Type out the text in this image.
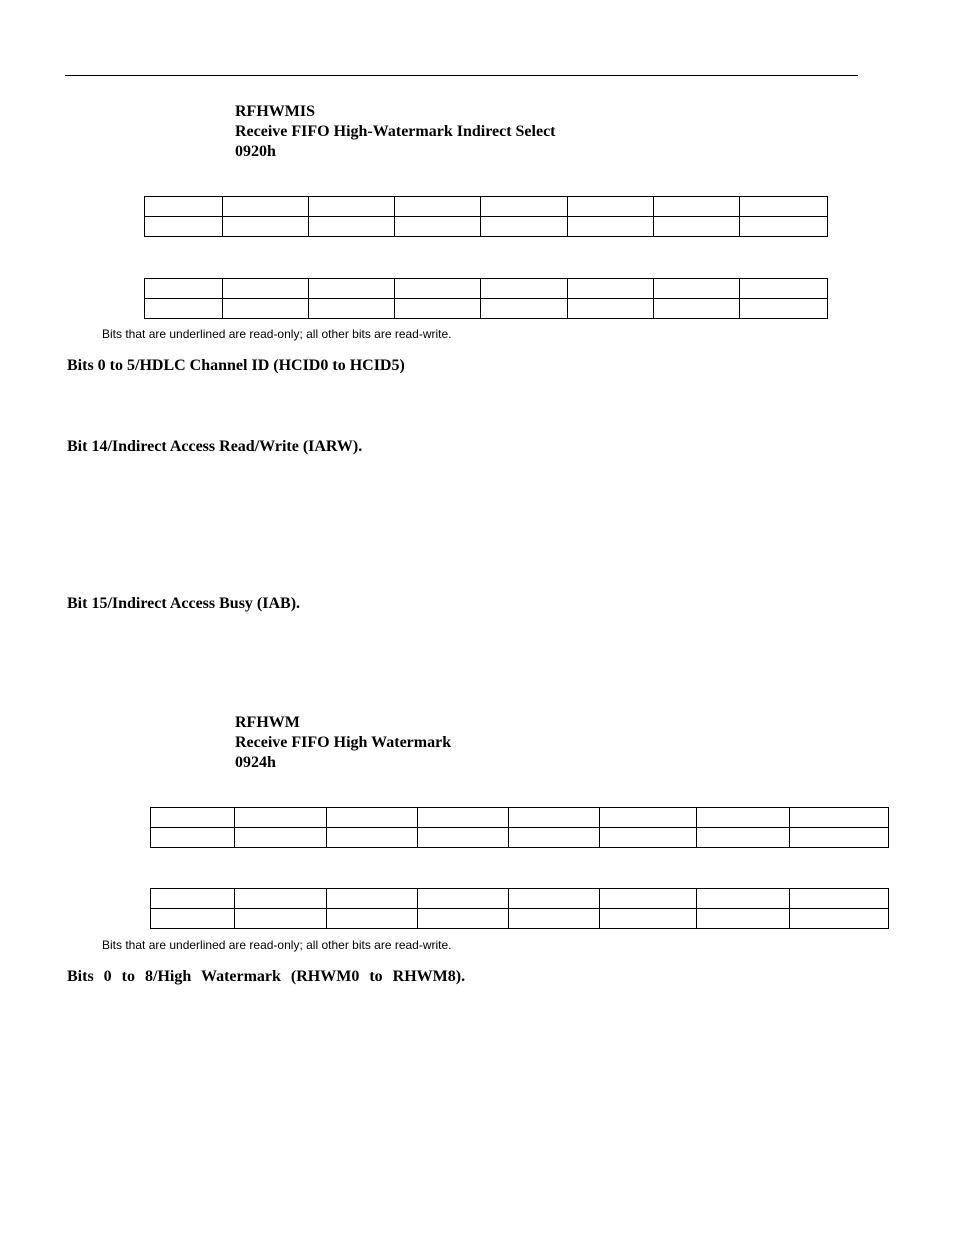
RFHWMIS
Receive FIFO High-Watermark Indirect Select
0920h

Bits that are underlined are read-only; all other bits are read-write.
Bits 0 to 5/HDLC Channel ID (HCID0 to HCID5)
Bit 14/Indirect Access Read/Write (IARW).
Bit 15/Indirect Access Busy (IAB).
RFHWM
Receive FIFO High Watermark
0924h

Bits that are underlined are read-only; all other bits are read-write.
Bits 0 to 8/High Watermark (RHWM0 to RHWM8).
